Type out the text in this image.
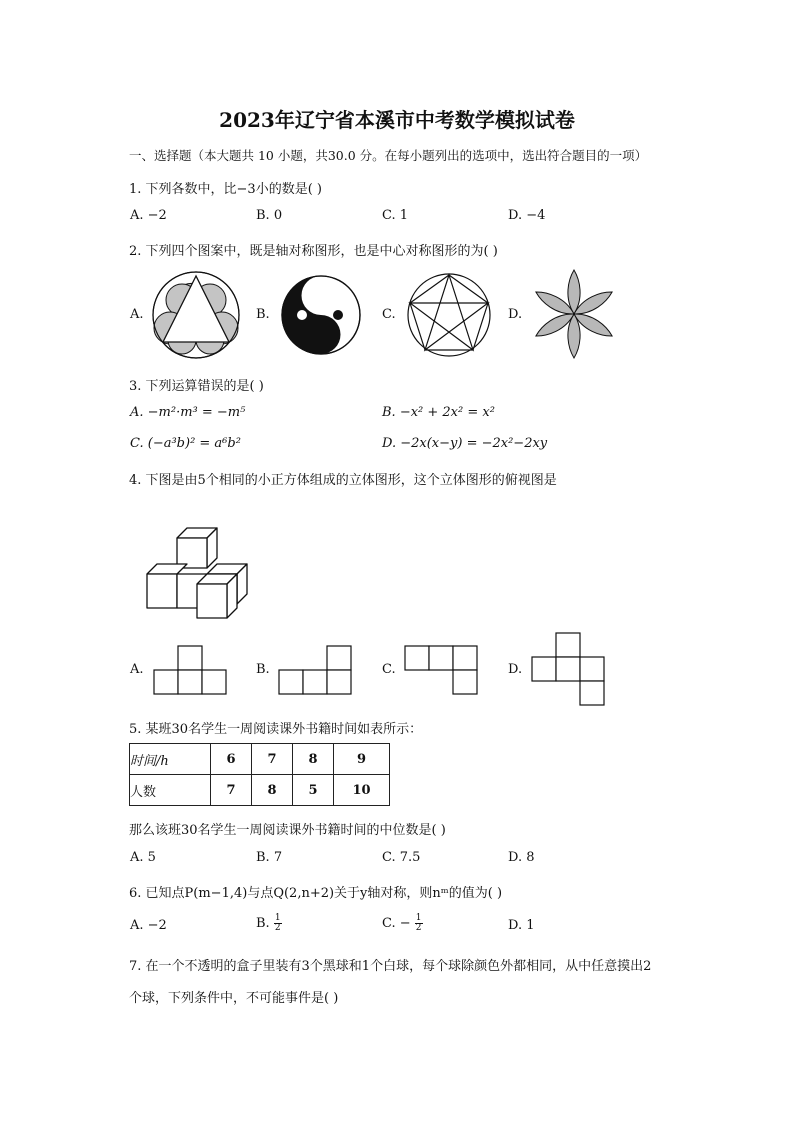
2023年辽宁省本溪市中考数学模拟试卷
一、选择题（本大题共 10 小题，共30.0 分。在每小题列出的选项中，选出符合题目的一项）
1. 下列各数中，比−3小的数是( )
A. −2	B. 0	C. 1	D. −4
2. 下列四个图案中，既是轴对称图形，也是中心对称图形的为( )
A.	B.	C.	D.
3. 下列运算错误的是( )
A. −m²·m³ = −m⁵	B. −x² + 2x² = x²
C. (−a³b)² = a⁶b²	D. −2x(x−y) = −2x²−2xy
4. 下图是由5个相同的小正方体组成的立体图形，这个立体图形的俯视图是
A.	B.	C.	D.
5. 某班30名学生一周阅读课外书籍时间如表所示：
时间/h	6	7	8	9
人数	7	8	5	10
那么该班30名学生一周阅读课外书籍时间的中位数是( )
A. 5	B. 7	C. 7.5	D. 8
6. 已知点P(m−1,4)与点Q(2,n+2)关于y轴对称，则nᵐ的值为( )
A. −2	B. $\frac{1}{2}$	C. − $\frac{1}{2}$	D. 1
7. 在一个不透明的盒子里装有3个黑球和1个白球，每个球除颜色外都相同，从中任意摸出2
个球，下列条件中，不可能事件是( )
